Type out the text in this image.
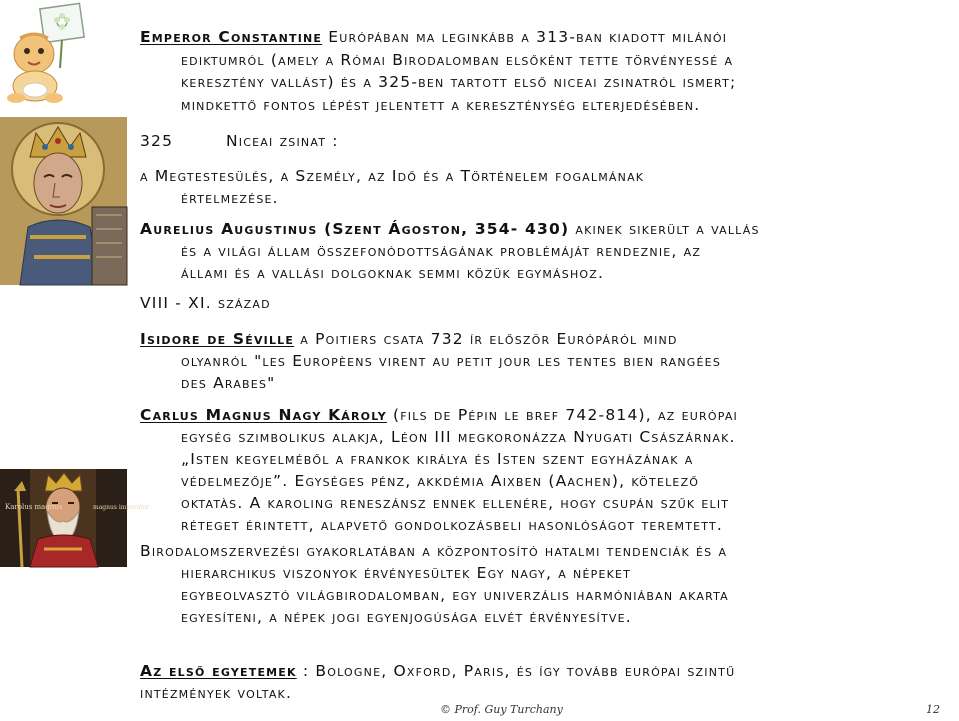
Karolus magnus	magnus imperator
Emperor Constantine Európában ma leginkább a 313-ban kiadott milánói
ediktumról (amely a Római Birodalomban elsőként tette törvényessé a
keresztény vallást) és a 325-ben tartott első niceai zsinatról ismert;
mindkettő fontos lépést jelentett a kereszténység elterjedésében.
325	Niceai zsinat :
a Megtestesülés, a Személy, az Idő és a Történelem fogalmának
értelmezése.
Aurelius Augustinus (Szent Ágoston, 354- 430) akinek sikerült a vallás
és a világi állam összefonódottságának problémáját rendeznie, az
állami és a vallási dolgoknak semmi közük egymáshoz.
VIII - XI. század
Isidore de Séville a Poitiers csata 732 ír először Európáról mind
olyanról "les Europèens virent au petit jour les tentes bien rangées
des Arabes"
Carlus Magnus Nagy Károly (fils de Pépin le bref 742-814), az európai
egység szimbolikus alakja, Léon III megkoronázza Nyugati Császárnak.
„Isten kegyelméből a frankok királya és Isten szent egyházának a
védelmezője”. Egységes pénz, akkdémia Aixben (Aachen), kötelező
oktatàs. A karoling reneszánsz ennek ellenére, hogy csupán szűk elit
réteget érintett, alapvető gondolkozásbeli hasonlóságot teremtett.
Birodalomszervezési gyakorlatában a központosító hatalmi tendenciák és a
hierarchikus viszonyok érvényesültek Egy nagy, a népeket
egybeolvasztó világbirodalomban, egy univerzális harmóniában akarta
egyesíteni, a népek jogi egyenjogúsága elvét érvényesítve.
Az első egyetemek : Bologne, Oxford, Paris, és így tovább európai szintű
intézmények voltak.
© Prof. Guy Turchany	12
